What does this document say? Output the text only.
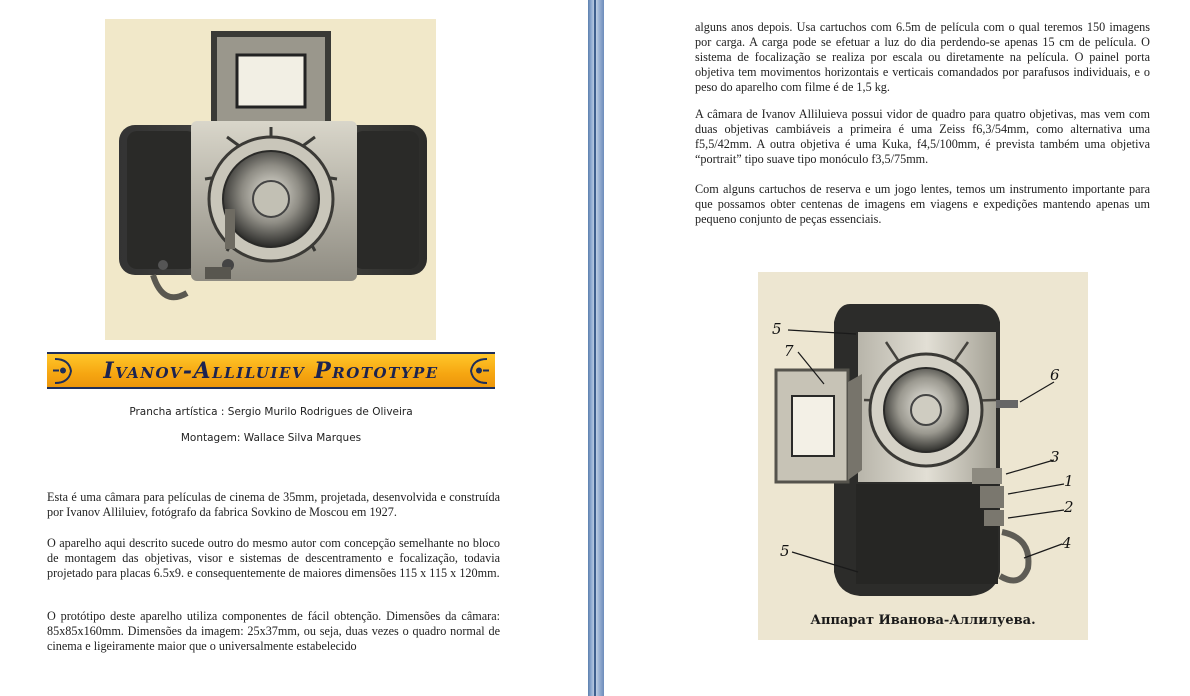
Ivanov-Alliluiev Prototype
Prancha artística : Sergio Murilo Rodrigues de Oliveira
Montagem: Wallace Silva Marques

Esta é uma câmara para películas de cinema de 35mm, projetada, desenvolvida e construída por Ivanov Alliluiev, fotógrafo da fabrica Sovkino de Moscou em 1927.

O aparelho aqui descrito sucede outro do mesmo autor com concepção semelhante no bloco de montagem das objetivas, visor e sistemas de descentramento e focalização, todavia projetado para placas 6.5x9. e consequentemente de maiores dimensões 115 x 115 x 120mm.

O protótipo deste aparelho utiliza componentes de fácil obtenção. Dimensões da câmara: 85x85x160mm. Dimensões da imagem: 25x37mm, ou seja, duas vezes o quadro normal de cinema e ligeiramente maior que o universalmente estabelecido

alguns anos depois. Usa cartuchos com 6.5m de película com o qual teremos 150 imagens por carga. A carga pode se efetuar a luz do dia perdendo-se apenas 15 cm de película. O sistema de focalização se realiza por escala ou diretamente na película. O painel porta objetiva tem movimentos horizontais e verticais comandados por parafusos individuais, e o peso do aparelho com filme é de 1,5 kg.

A câmara de Ivanov Alliluieva possui vidor de quadro para quatro objetivas, mas vem com duas objetivas cambiáveis a primeira é uma Zeiss f6,3/54mm, como alternativa uma f5,5/42mm. A outra objetiva é uma Kuka, f4,5/100mm, é prevista também uma objetiva “portrait” tipo suave tipo monóculo f3,5/75mm.

Com alguns cartuchos de reserva e um jogo lentes, temos um instrumento importante para que possamos obter centenas de imagens em viagens e expedições mantendo apenas um pequeno conjunto de peças essenciais.

5
7
6
3
1
2
4
5
Аппарат Иванова-Аллилуева.
